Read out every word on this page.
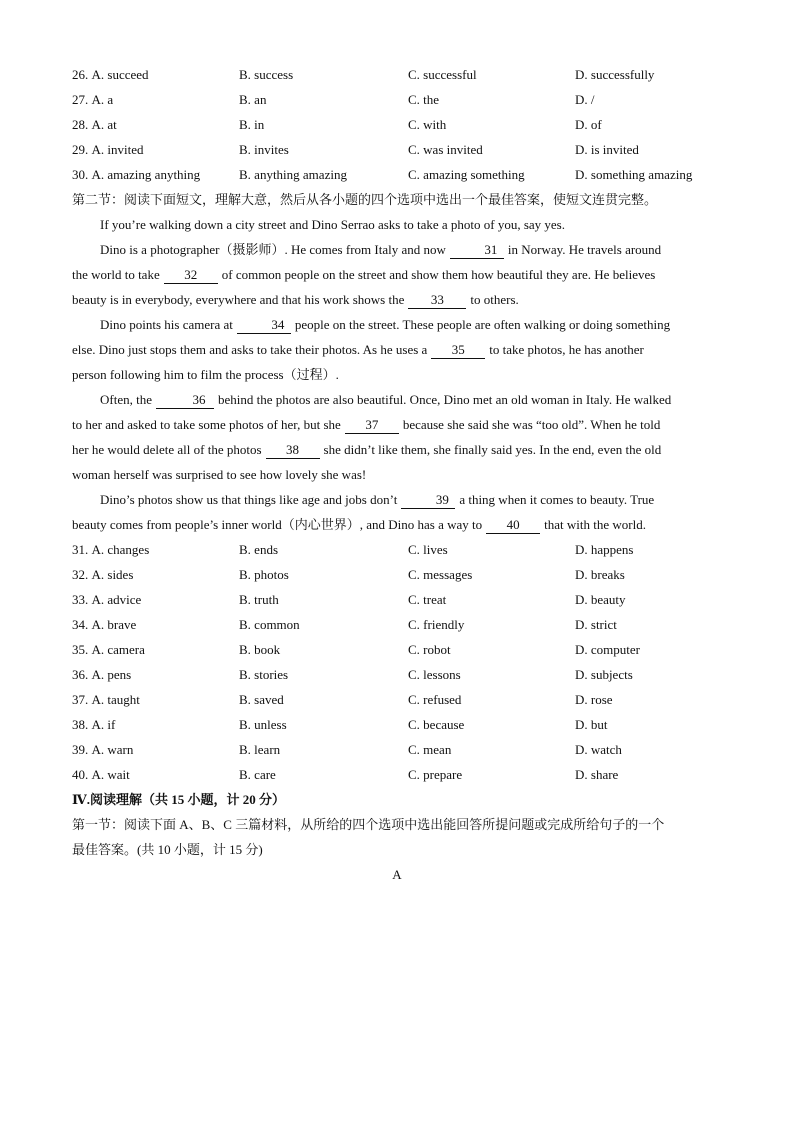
26. A. succeed	B. success	C. successful	D. successfully
27. A. a	B. an	C. the	D. /
28. A. at	B. in	C. with	D. of
29. A. invited	B. invites	C. was invited	D. is invited
30. A. amazing anything	B. anything amazing	C. amazing something	D. something amazing
第二节：阅读下面短文，理解大意，然后从各小题的四个选项中选出一个最佳答案，使短文连贯完整。
If you’re walking down a city street and Dino Serrao asks to take a photo of you, say yes.
Dino is a photographer（摄影师）. He comes from Italy and now	31 in Norway. He travels around
the world to take 32 of common people on the street and show them how beautiful they are. He believes
beauty is in everybody, everywhere and that his work shows the 33 to others.
Dino points his camera at	34 people on the street. These people are often walking or doing something
else. Dino just stops them and asks to take their photos. As he uses a 35 to take photos, he has another
person following him to film the process（过程）.
Often, the	36 behind the photos are also beautiful. Once, Dino met an old woman in Italy. He walked
to her and asked to take some photos of her, but she 37 because she said she was “too old”. When he told
her he would delete all of the photos 38 she didn’t like them, she finally said yes. In the end, even the old
woman herself was surprised to see how lovely she was!
Dino’s photos show us that things like age and jobs don’t	39 a thing when it comes to beauty. True
beauty comes from people’s inner world（内心世界）, and Dino has a way to 40 that with the world.
31. A. changes	B. ends	C. lives	D. happens
32. A. sides	B. photos	C. messages	D. breaks
33. A. advice	B. truth	C. treat	D. beauty
34. A. brave	B. common	C. friendly	D. strict
35. A. camera	B. book	C. robot	D. computer
36. A. pens	B. stories	C. lessons	D. subjects
37. A. taught	B. saved	C. refused	D. rose
38. A. if	B. unless	C. because	D. but
39. A. warn	B. learn	C. mean	D. watch
40. A. wait	B. care	C. prepare	D. share
Ⅳ.阅读理解（共 15 小题，计 20 分）
第一节：阅读下面 A、B、C 三篇材料，从所给的四个选项中选出能回答所提问题或完成所给句子的一个
最佳答案。(共 10 小题，计 15 分)
A
